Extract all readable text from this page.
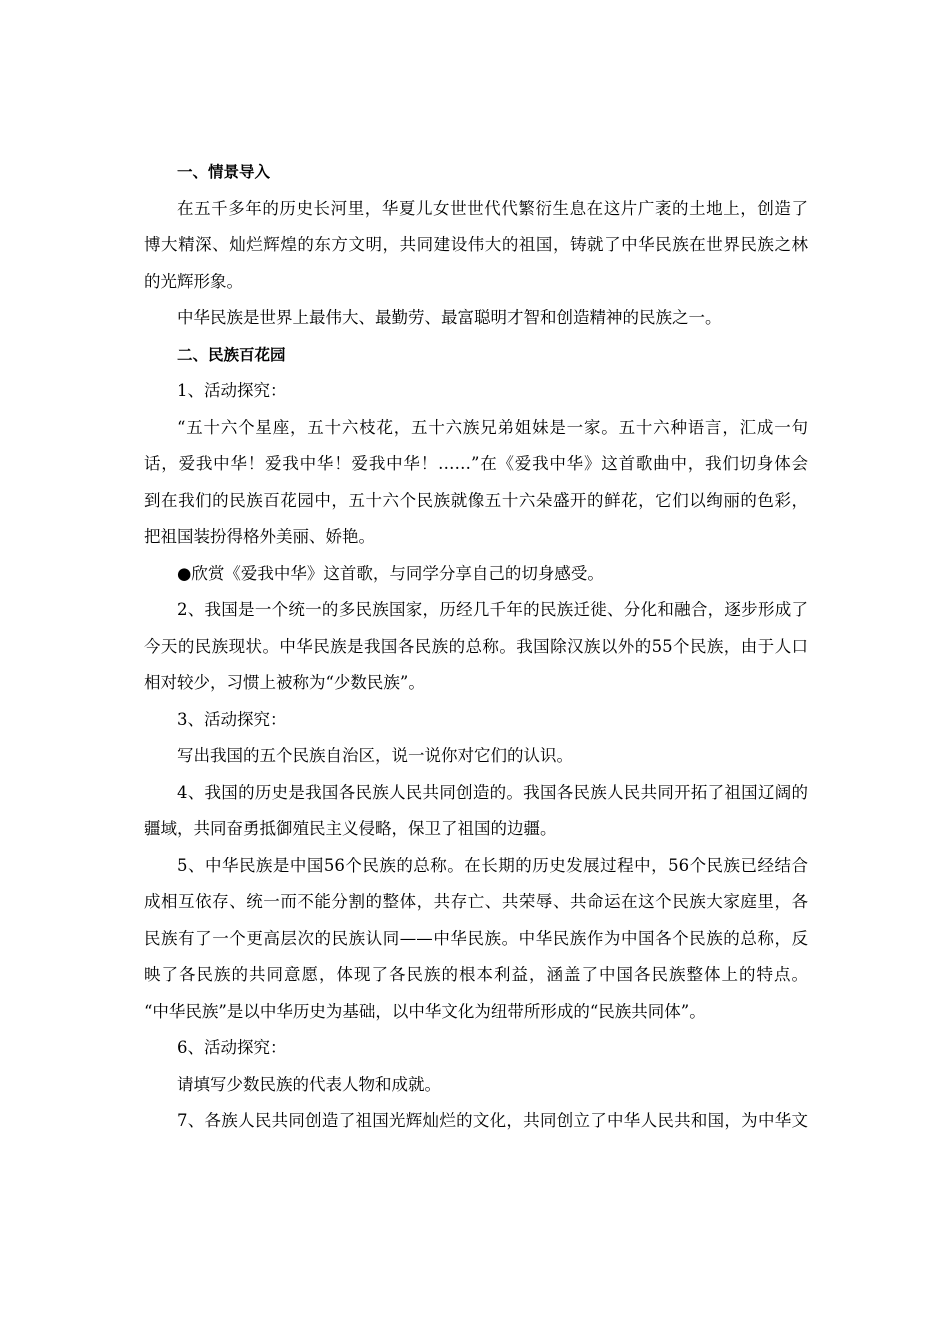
一、情景导入
在五千多年的历史长河里，华夏儿女世世代代繁衍生息在这片广袤的土地上，创造了
博大精深、灿烂辉煌的东方文明，共同建设伟大的祖国，铸就了中华民族在世界民族之林
的光辉形象。
中华民族是世界上最伟大、最勤劳、最富聪明才智和创造精神的民族之一。
二、民族百花园
1、活动探究：
“五十六个星座，五十六枝花，五十六族兄弟姐妹是一家。五十六种语言，汇成一句
话，爱我中华！爱我中华！爱我中华！……”在《爱我中华》这首歌曲中，我们切身体会
到在我们的民族百花园中，五十六个民族就像五十六朵盛开的鲜花，它们以绚丽的色彩，
把祖国装扮得格外美丽、娇艳。
●欣赏《爱我中华》这首歌，与同学分享自己的切身感受。
2、我国是一个统一的多民族国家，历经几千年的民族迁徙、分化和融合，逐步形成了
今天的民族现状。中华民族是我国各民族的总称。我国除汉族以外的55个民族，由于人口
相对较少，习惯上被称为“少数民族”。
3、活动探究：
写出我国的五个民族自治区，说一说你对它们的认识。
4、我国的历史是我国各民族人民共同创造的。我国各民族人民共同开拓了祖国辽阔的
疆域，共同奋勇抵御殖民主义侵略，保卫了祖国的边疆。
5、中华民族是中国56个民族的总称。在长期的历史发展过程中，56个民族已经结合
成相互依存、统一而不能分割的整体，共存亡、共荣辱、共命运在这个民族大家庭里，各
民族有了一个更高层次的民族认同——中华民族。中华民族作为中国各个民族的总称，反
映了各民族的共同意愿，体现了各民族的根本利益，涵盖了中国各民族整体上的特点。
“中华民族”是以中华历史为基础，以中华文化为纽带所形成的“民族共同体”。
6、活动探究：
请填写少数民族的代表人物和成就。
7、各族人民共同创造了祖国光辉灿烂的文化，共同创立了中华人民共和国，为中华文
